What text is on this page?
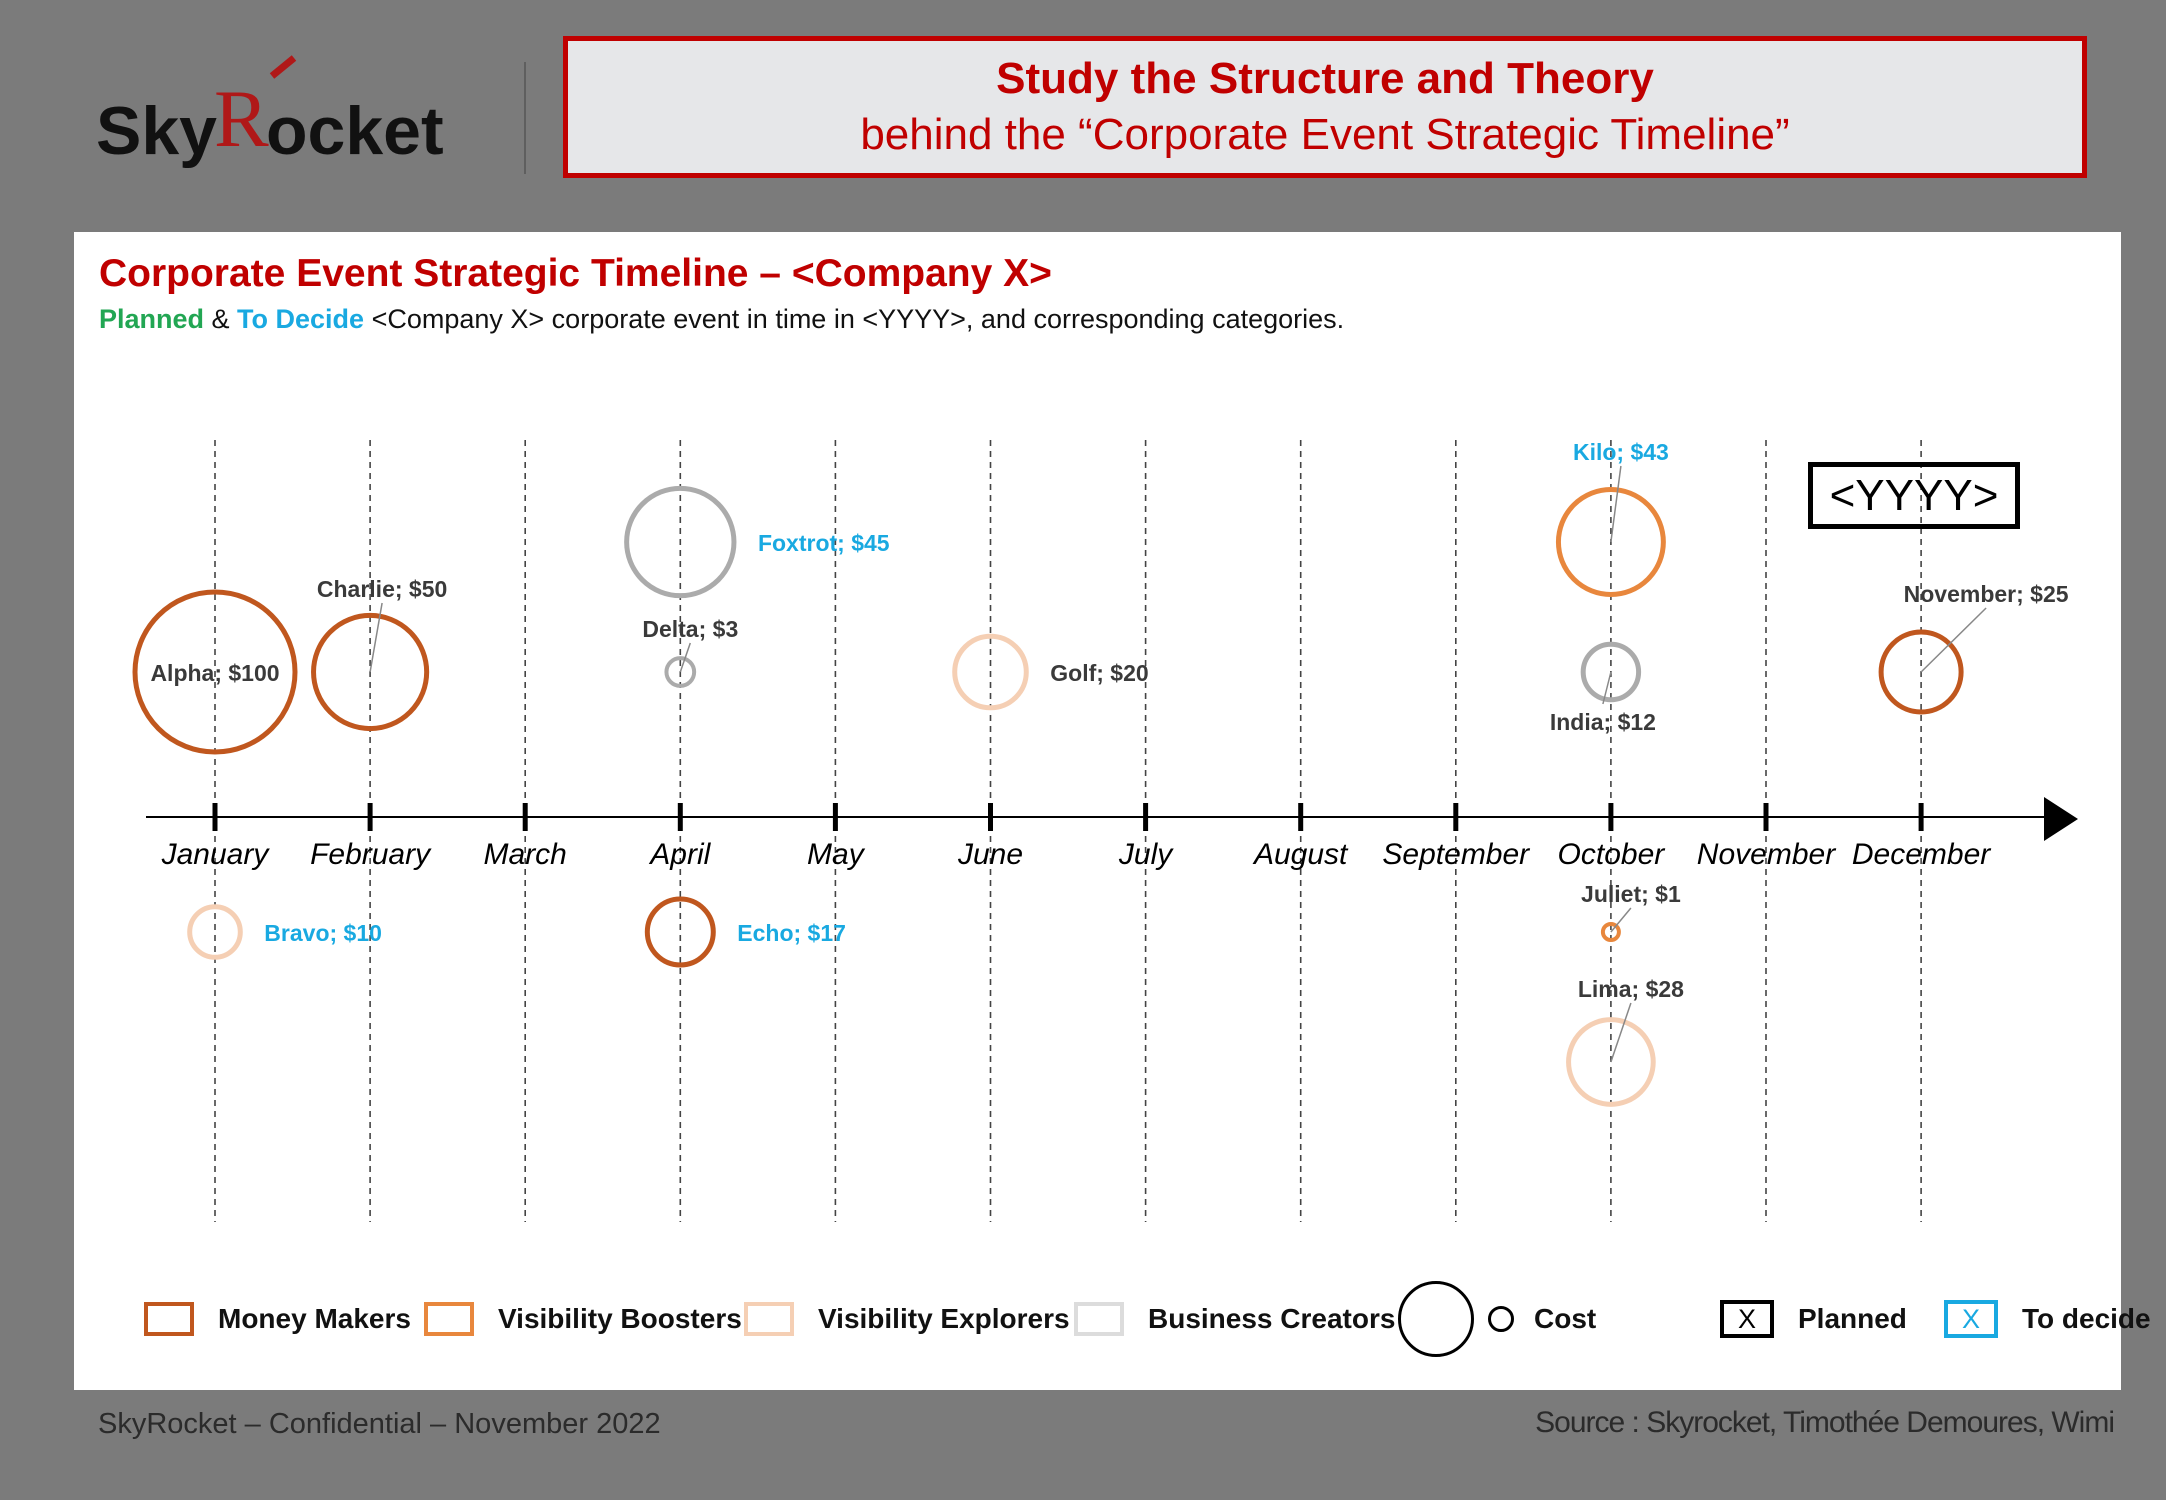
Sky
R
ocket
Study the Structure and Theory
behind the “Corporate Event Strategic Timeline”
Corporate Event Strategic Timeline – <Company X>
Planned & To Decide <Company X> corporate event in time in <YYYY>, and corresponding categories.
January February March	April	May	June	July	August September October November December
Alpha; $100
Bravo; $10
Charlie; $50
Delta; $3
Echo; $17
Foxtrot; $45
Golf; $20
India; $12
Juliet; $1
Kilo; $43
Lima; $28
November; $25
<YYYY>
Money Makers	Visibility Boosters	Visibility Explorers	Business Creators	Cost	X	Planned	X	To decide
SkyRocket – Confidential – November 2022	Source : Skyrocket, Timothée Demoures, Wimi
